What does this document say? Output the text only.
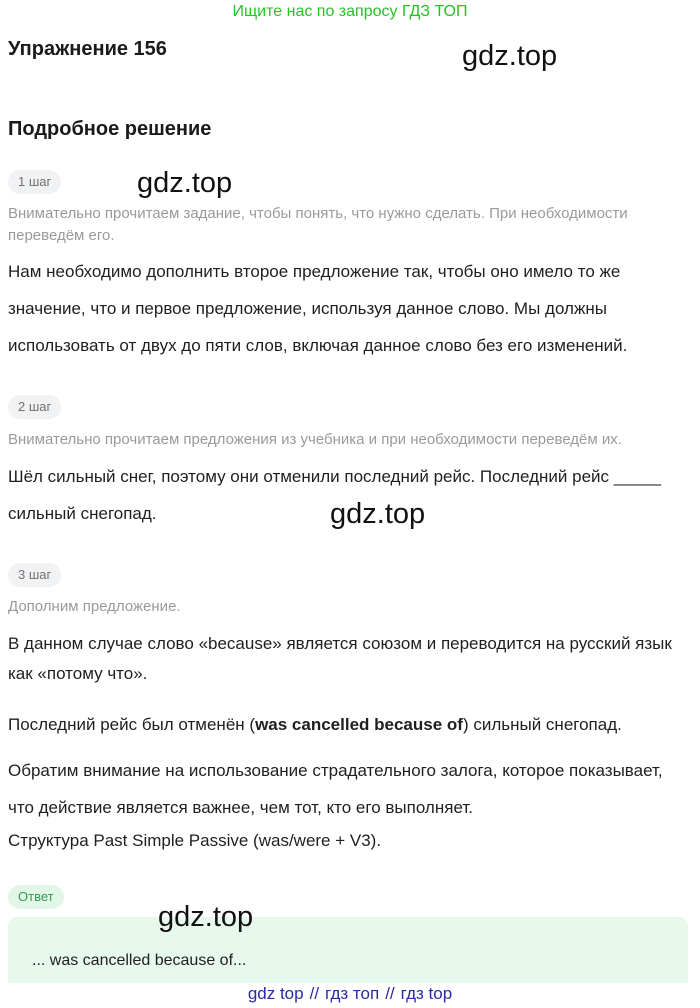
Ищите нас по запросу ГДЗ ТОП
Упражнение 156	gdz.top
Подробное решение
1 шаг	gdz.top
Внимательно прочитаем задание, чтобы понять, что нужно сделать. При необходимости переведём его.
Нам необходимо дополнить второе предложение так, чтобы оно имело то же значение, что и первое предложение, используя данное слово. Мы должны использовать от двух до пяти слов, включая данное слово без его изменений.
2 шаг
Внимательно прочитаем предложения из учебника и при необходимости переведём их.
Шёл сильный снег, поэтому они отменили последний рейс. Последний рейс _____ сильный снегопад.	gdz.top
3 шаг
Дополним предложение.
В данном случае слово «because» является союзом и переводится на русский язык как «потому что».
Последний рейс был отменён (was cancelled because of) сильный снегопад.
Обратим внимание на использование страдательного залога, которое показывает, что действие является важнее, чем тот, кто его выполняет.
Структура Past Simple Passive (was/were + V3).
Ответ
gdz.top
... was cancelled because of...
gdz top // гдз топ // гдз top
